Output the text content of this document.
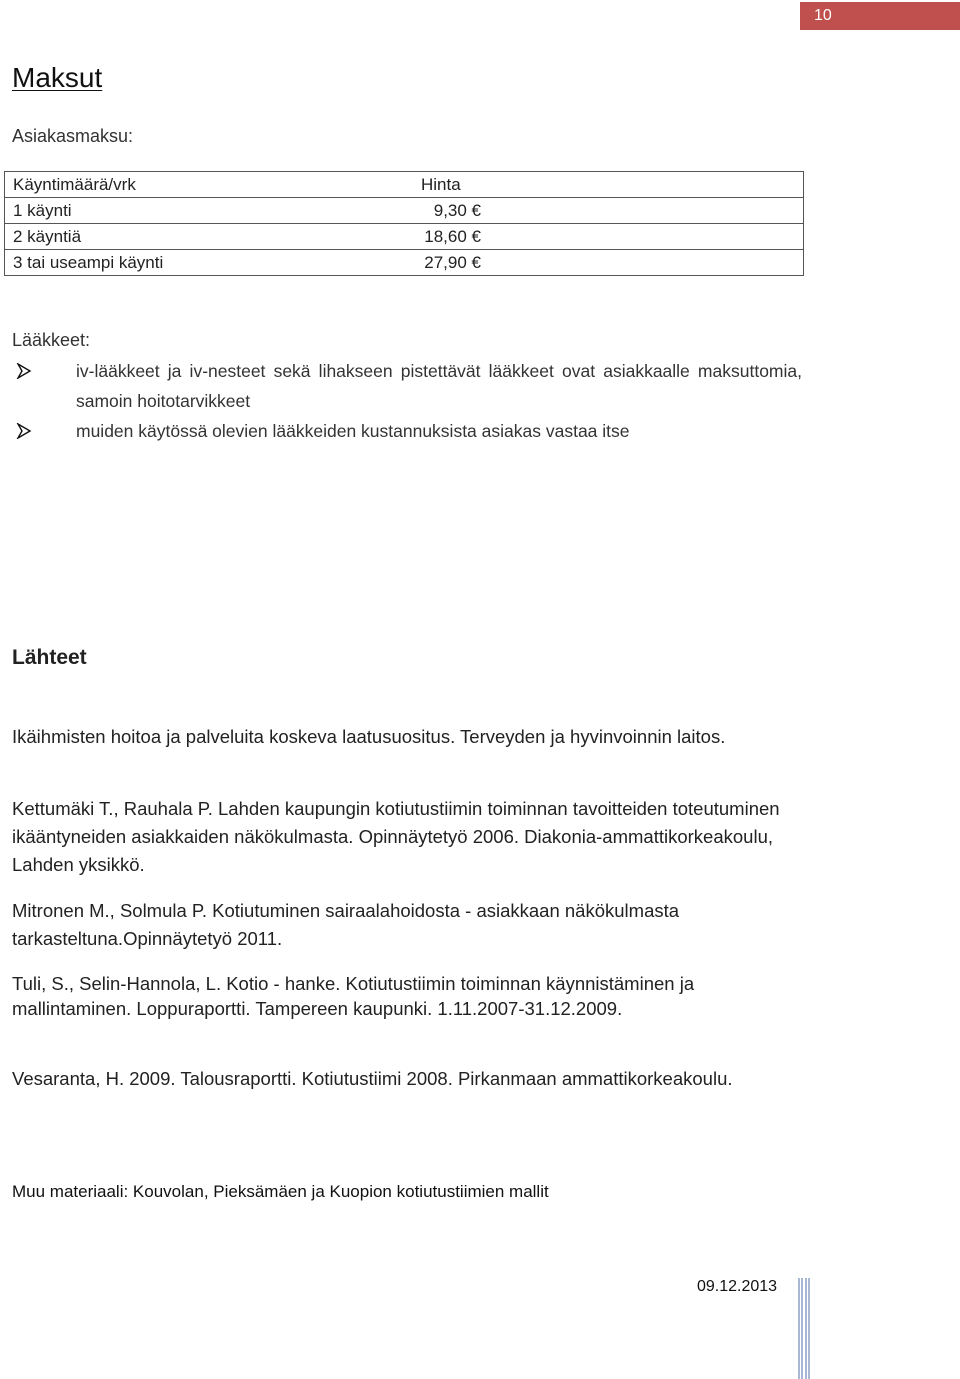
10
Maksut
Asiakasmaksu:
Käyntimäärä/vrk	Hinta
1 käynti	9,30 €
2 käyntiä	18,60 €
3 tai useampi käynti	27,90 €
Lääkkeet:
iv-lääkkeet ja iv-nesteet sekä lihakseen pistettävät lääkkeet ovat asiakkaalle maksuttomia, samoin hoitotarvikkeet
muiden käytössä olevien lääkkeiden kustannuksista asiakas vastaa itse
Lähteet

Ikäihmisten hoitoa ja palveluita koskeva laatusuositus. Terveyden ja hyvinvoinnin laitos.

Kettumäki T., Rauhala P. Lahden kaupungin kotiutustiimin toiminnan tavoitteiden toteutuminen ikääntyneiden asiakkaiden näkökulmasta. Opinnäytetyö 2006. Diakonia-ammattikorkeakoulu, Lahden yksikkö.

Mitronen M., Solmula P. Kotiutuminen sairaalahoidosta - asiakkaan näkökulmasta tarkasteltuna.Opinnäytetyö 2011.

Tuli, S., Selin-Hannola, L. Kotio - hanke. Kotiutustiimin toiminnan käynnistäminen ja mallintaminen. Loppuraportti. Tampereen kaupunki. 1.11.2007-31.12.2009.

Vesaranta, H. 2009. Talousraportti. Kotiutustiimi 2008. Pirkanmaan ammattikorkeakoulu.

Muu materiaali: Kouvolan, Pieksämäen ja Kuopion kotiutustiimien mallit

09.12.2013
